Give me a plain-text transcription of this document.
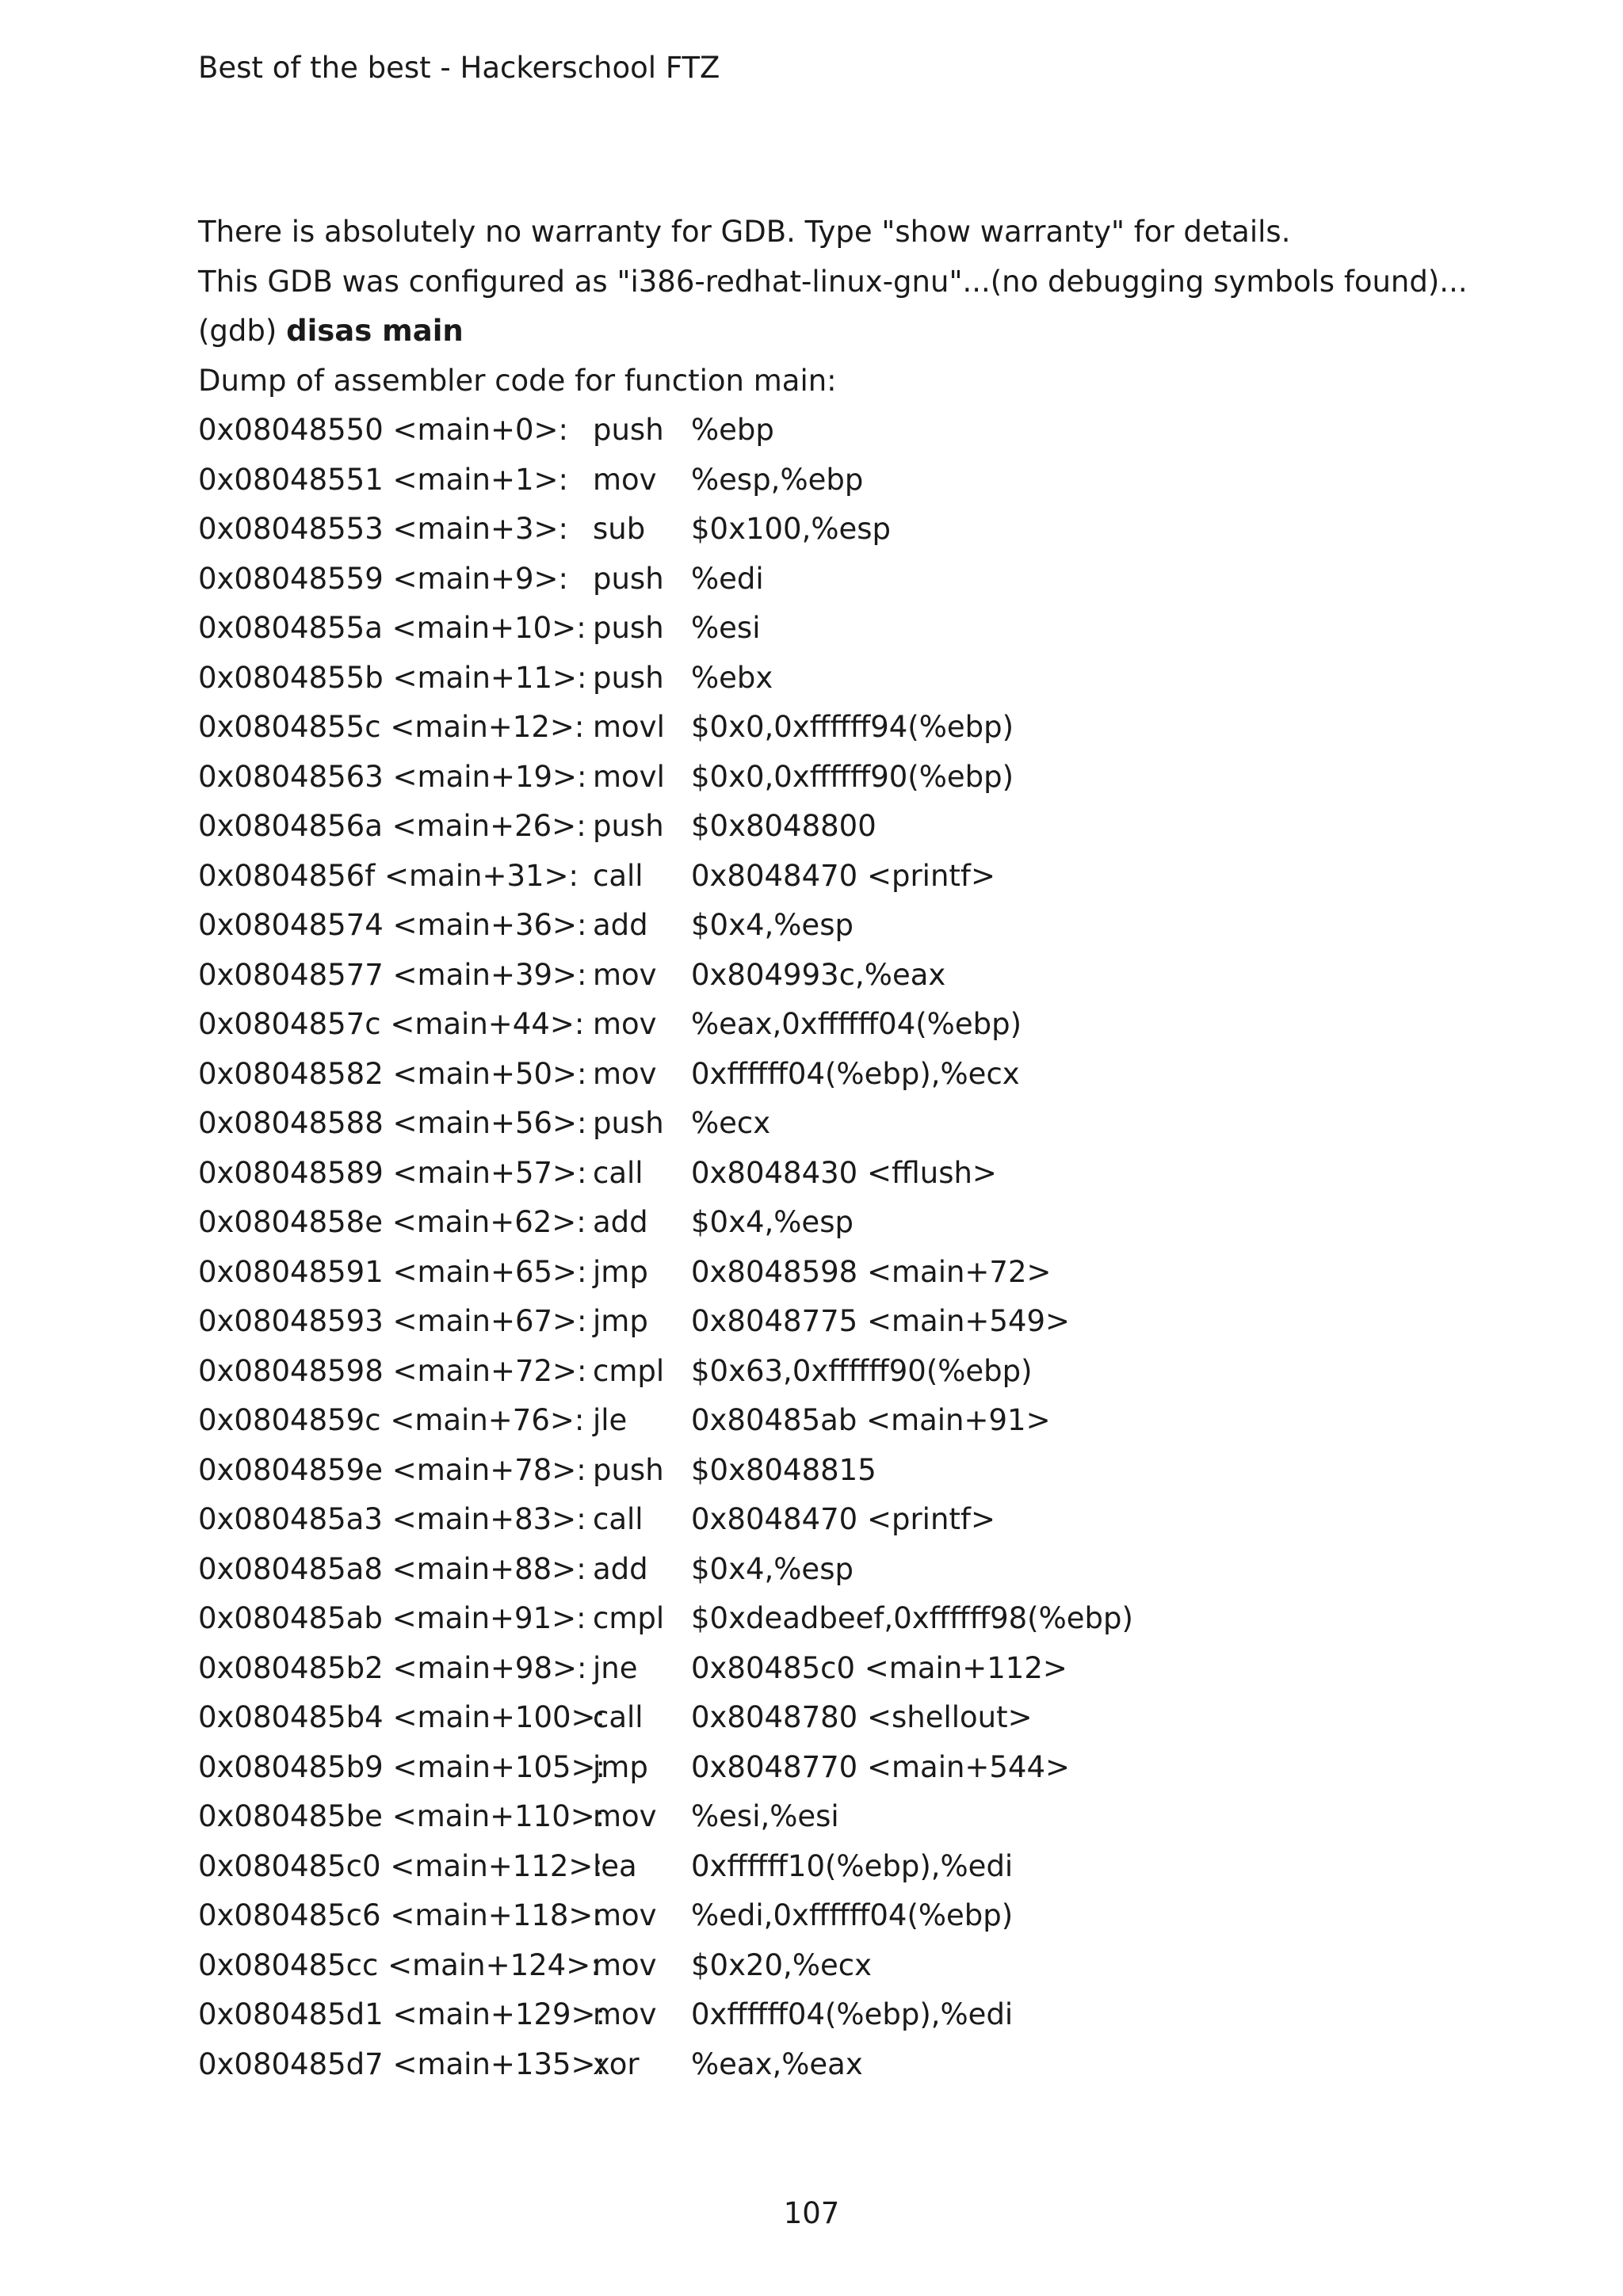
Best of the best - Hackerschool FTZ
There is absolutely no warranty for GDB. Type "show warranty" for details.
This GDB was configured as "i386-redhat-linux-gnu"...(no debugging symbols found)...
(gdb) disas main
Dump of assembler code for function main:
0x08048550 <main+0>: push %ebp
0x08048551 <main+1>: mov %esp,%ebp
0x08048553 <main+3>: sub $0x100,%esp
0x08048559 <main+9>: push %edi
0x0804855a <main+10>: push %esi
0x0804855b <main+11>: push %ebx
0x0804855c <main+12>: movl $0x0,0xffffff94(%ebp)
0x08048563 <main+19>: movl $0x0,0xffffff90(%ebp)
0x0804856a <main+26>: push $0x8048800
0x0804856f <main+31>: call 0x8048470 <printf>
0x08048574 <main+36>: add $0x4,%esp
0x08048577 <main+39>: mov 0x804993c,%eax
0x0804857c <main+44>: mov %eax,0xffffff04(%ebp)
0x08048582 <main+50>: mov 0xffffff04(%ebp),%ecx
0x08048588 <main+56>: push %ecx
0x08048589 <main+57>: call 0x8048430 <fflush>
0x0804858e <main+62>: add $0x4,%esp
0x08048591 <main+65>: jmp 0x8048598 <main+72>
0x08048593 <main+67>: jmp 0x8048775 <main+549>
0x08048598 <main+72>: cmpl $0x63,0xffffff90(%ebp)
0x0804859c <main+76>: jle 0x80485ab <main+91>
0x0804859e <main+78>: push $0x8048815
0x080485a3 <main+83>: call 0x8048470 <printf>
0x080485a8 <main+88>: add $0x4,%esp
0x080485ab <main+91>: cmpl $0xdeadbeef,0xffffff98(%ebp)
0x080485b2 <main+98>: jne 0x80485c0 <main+112>
0x080485b4 <main+100>:
call 0x8048780 <shellout>
0x080485b9 <main+105>:
jmp 0x8048770 <main+544>
0x080485be <main+110>:
mov %esi,%esi
0x080485c0 <main+112>:
lea 0xffffff10(%ebp),%edi
0x080485c6 <main+118>:
mov %edi,0xffffff04(%ebp)
0x080485cc <main+124>:
mov $0x20,%ecx
0x080485d1 <main+129>:
mov 0xffffff04(%ebp),%edi
0x080485d7 <main+135>:
xor %eax,%eax
107
